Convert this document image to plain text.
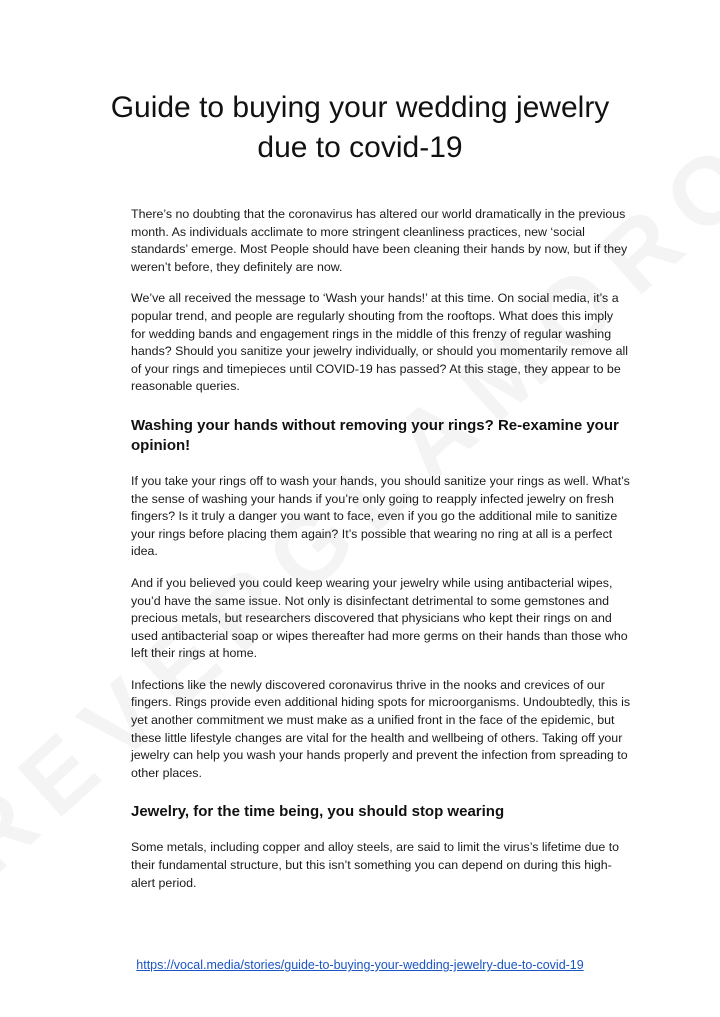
Guide to buying your wedding jewelry
due to covid-19

There’s no doubting that the coronavirus has altered our world dramatically in the previous month. As individuals acclimate to more stringent cleanliness practices, new ‘social standards’ emerge. Most People should have been cleaning their hands by now, but if they weren’t before, they definitely are now.

We’ve all received the message to ‘Wash your hands!’ at this time. On social media, it’s a popular trend, and people are regularly shouting from the rooftops. What does this imply for wedding bands and engagement rings in the middle of this frenzy of regular washing hands? Should you sanitize your jewelry individually, or should you momentarily remove all of your rings and timepieces until COVID-19 has passed? At this stage, they appear to be reasonable queries.

Washing your hands without removing your rings? Re-examine your opinion!

If you take your rings off to wash your hands, you should sanitize your rings as well. What’s the sense of washing your hands if you’re only going to reapply infected jewelry on fresh fingers? Is it truly a danger you want to face, even if you go the additional mile to sanitize your rings before placing them again? It’s possible that wearing no ring at all is a perfect idea.

And if you believed you could keep wearing your jewelry while using antibacterial wipes, you’d have the same issue. Not only is disinfectant detrimental to some gemstones and precious metals, but researchers discovered that physicians who kept their rings on and used antibacterial soap or wipes thereafter had more germs on their hands than those who left their rings at home.

Infections like the newly discovered coronavirus thrive in the nooks and crevices of our fingers. Rings provide even additional hiding spots for microorganisms. Undoubtedly, this is yet another commitment we must make as a unified front in the face of the epidemic, but these little lifestyle changes are vital for the health and wellbeing of others. Taking off your jewelry can help you wash your hands properly and prevent the infection from spreading to other places.

Jewelry, for the time being, you should stop wearing

Some metals, including copper and alloy steels, are said to limit the virus’s lifetime due to their fundamental structure, but this isn’t something you can depend on during this high-alert period.

https://vocal.media/stories/guide-to-buying-your-wedding-jewelry-due-to-covid-19
